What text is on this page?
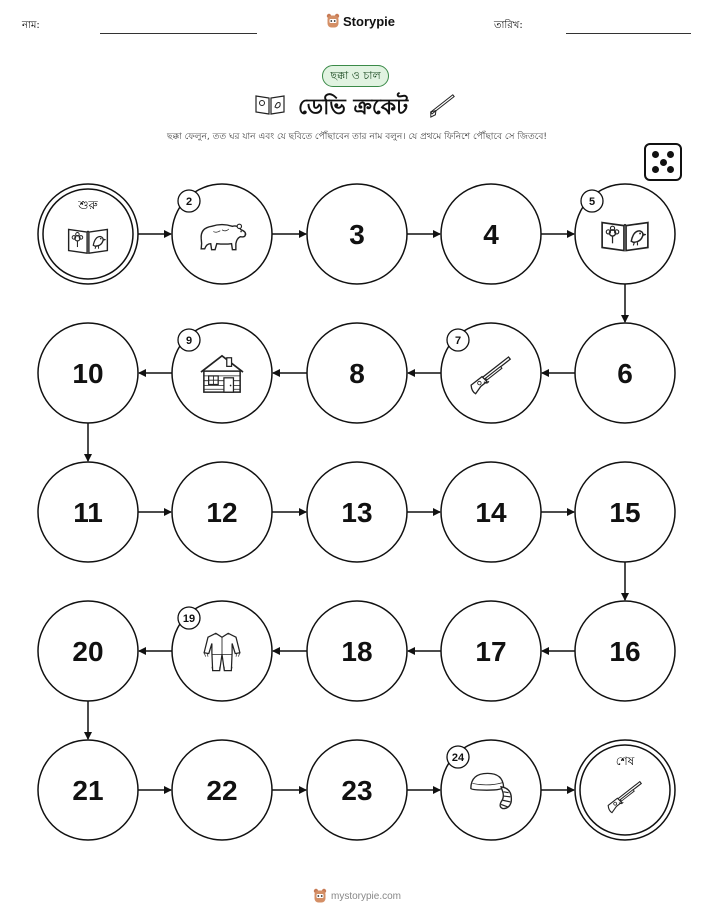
নাম:	Storypie	তারিখ:
ছক্কা ও চাল
ডেভি ক্রকেট
ছক্কা ফেলুন, তত ঘর যান এবং যে ছবিতে পৌঁছাবেন তার নাম বলুন। যে প্রথমে ফিনিশে পৌঁছাবে সে জিতবে!
শুরু	2
3	4
5
6
7
8
9
10
11	12	13	14	15
16
17
18
19
20
21	22	23
24	শেষ
mystorypie.com
